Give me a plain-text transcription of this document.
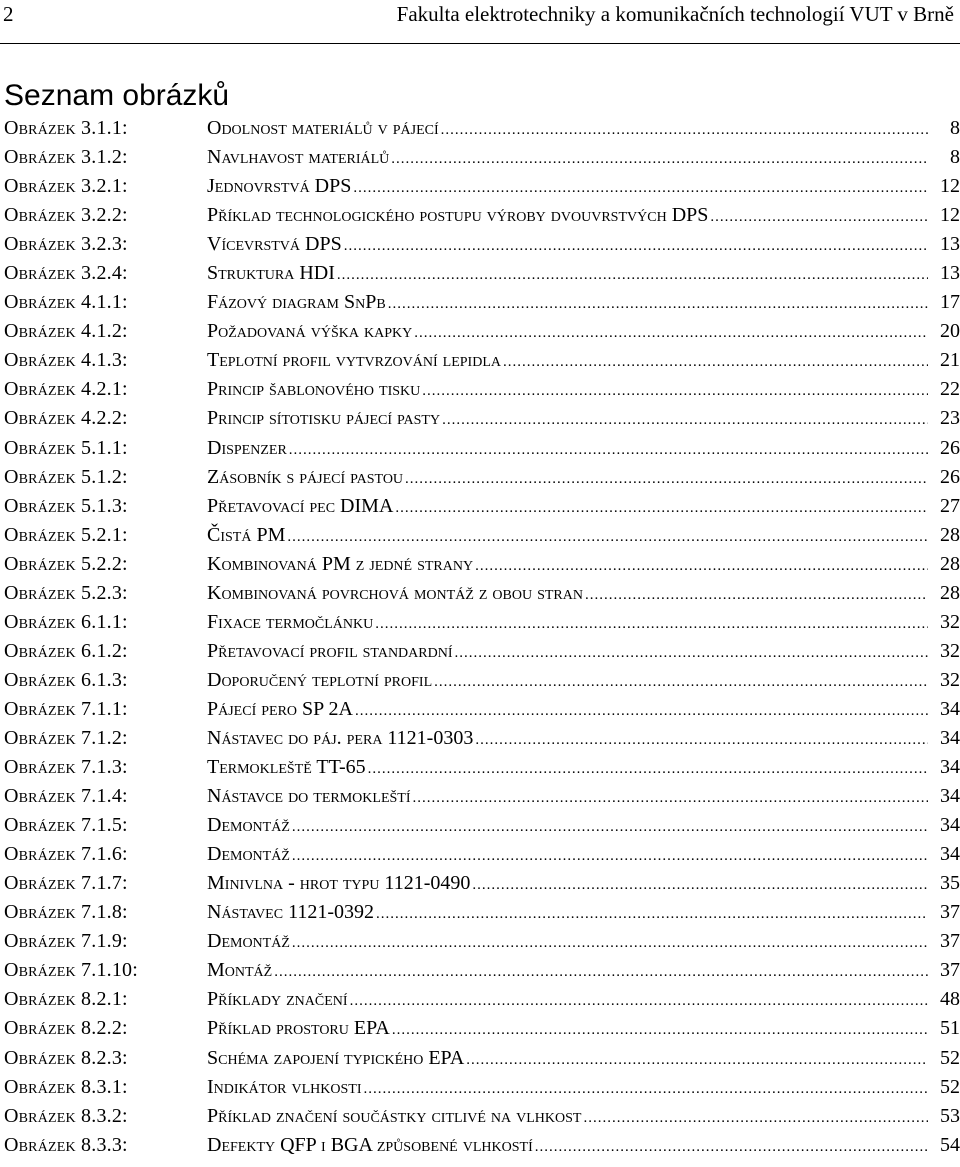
2	Fakulta elektrotechniky a komunikačních technologií VUT v Brně
Seznam obrázků
Obrázek 3.1.1:	Odolnost materiálů v pájecí .....	8
Obrázek 3.1.2:	Navlhavost materiálů .....	8
Obrázek 3.2.1:	Jednovrstvá DPS .....	12
Obrázek 3.2.2:	Příklad technologického postupu výroby dvouvrstvých DPS .....	12
Obrázek 3.2.3:	Vícevrstvá DPS .....	13
Obrázek 3.2.4:	Struktura HDI .....	13
Obrázek 4.1.1:	Fázový diagram SnPb .....	17
Obrázek 4.1.2:	Požadovaná výška kapky .....	20
Obrázek 4.1.3:	Teplotní profil vytvrzování lepidla .....	21
Obrázek 4.2.1:	Princip šablonového tisku .....	22
Obrázek 4.2.2:	Princip sítotisku pájecí pasty .....	23
Obrázek 5.1.1:	Dispenzer .....	26
Obrázek 5.1.2:	Zásobník s pájecí pastou .....	26
Obrázek 5.1.3:	Přetavovací pec DIMA .....	27
Obrázek 5.2.1:	Čistá PM .....	28
Obrázek 5.2.2:	Kombinovaná PM z jedné strany .....	28
Obrázek 5.2.3:	Kombinovaná povrchová montáž z obou stran .....	28
Obrázek 6.1.1:	Fixace termočlánku .....	32
Obrázek 6.1.2:	Přetavovací profil standardní .....	32
Obrázek 6.1.3:	Doporučený teplotní profil .....	32
Obrázek 7.1.1:	Pájecí pero SP 2A .....	34
Obrázek 7.1.2:	Nástavec do páj. pera 1121-0303 .....	34
Obrázek 7.1.3:	Termokleště TT-65 .....	34
Obrázek 7.1.4:	Nástavce do termokleští .....	34
Obrázek 7.1.5:	Demontáž .....	34
Obrázek 7.1.6:	Demontáž .....	34
Obrázek 7.1.7:	Minivlna - hrot typu 1121-0490 .....	35
Obrázek 7.1.8:	Nástavec 1121-0392 .....	37
Obrázek 7.1.9:	Demontáž .....	37
Obrázek 7.1.10:	Montáž .....	37
Obrázek 8.2.1:	Příklady značení .....	48
Obrázek 8.2.2:	Příklad prostoru EPA .....	51
Obrázek 8.2.3:	Schéma zapojení typického EPA .....	52
Obrázek 8.3.1:	Indikátor vlhkosti .....	52
Obrázek 8.3.2:	Příklad značení součástky citlivé na vlhkost .....	53
Obrázek 8.3.3:	Defekty QFP i BGA způsobené vlhkostí .....	54
